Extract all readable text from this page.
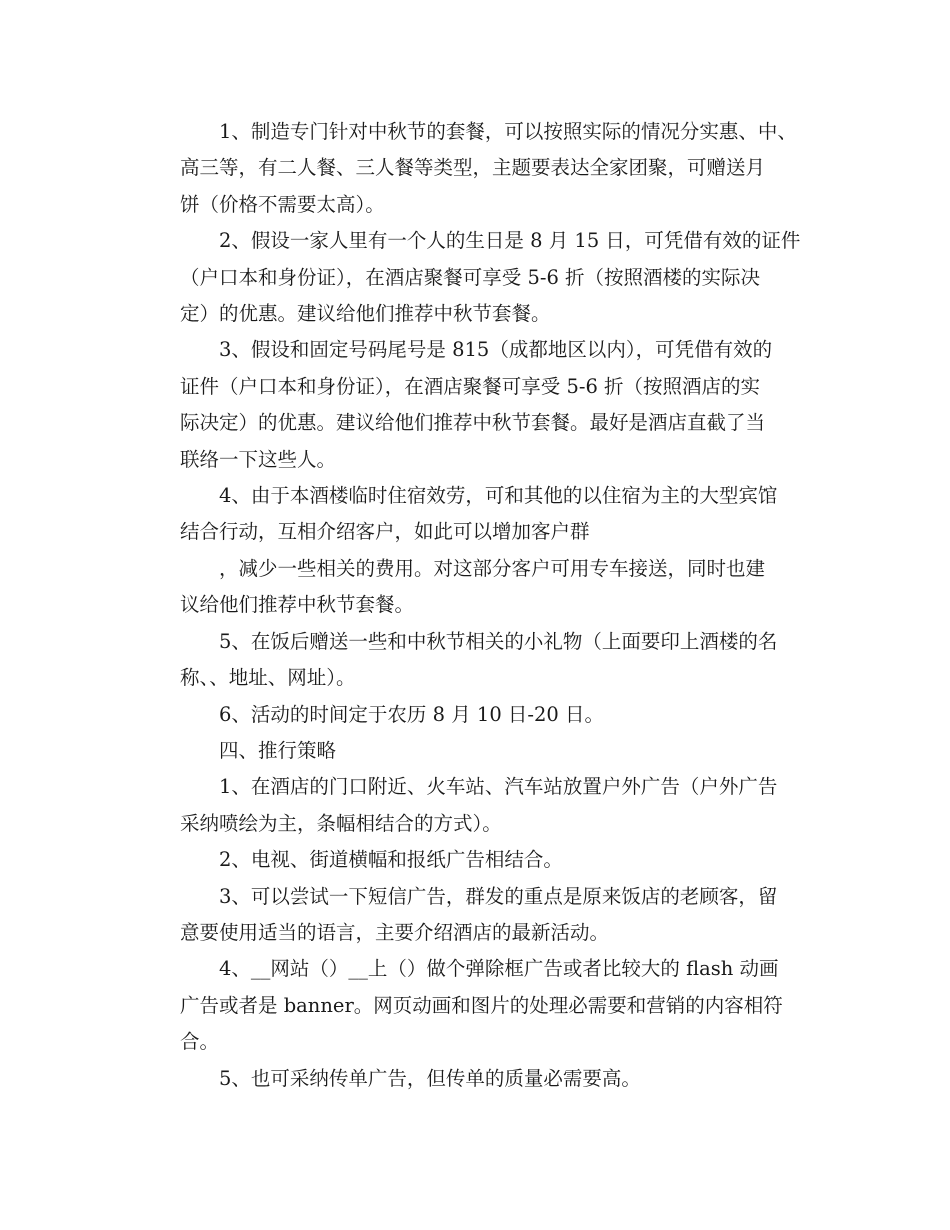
1、制造专门针对中秋节的套餐，可以按照实际的情况分实惠、中、
高三等，有二人餐、三人餐等类型，主题要表达全家团聚，可赠送月
饼（价格不需要太高）。
2、假设一家人里有一个人的生日是 8 月 15 日，可凭借有效的证件
（户口本和身份证），在酒店聚餐可享受 5-6 折（按照酒楼的实际决
定）的优惠。建议给他们推荐中秋节套餐。
3、假设和固定号码尾号是 815（成都地区以内），可凭借有效的
证件（户口本和身份证），在酒店聚餐可享受 5-6 折（按照酒店的实
际决定）的优惠。建议给他们推荐中秋节套餐。最好是酒店直截了当
联络一下这些人。
4、由于本酒楼临时住宿效劳，可和其他的以住宿为主的大型宾馆
结合行动，互相介绍客户，如此可以增加客户群
，减少一些相关的费用。对这部分客户可用专车接送，同时也建
议给他们推荐中秋节套餐。
5、在饭后赠送一些和中秋节相关的小礼物（上面要印上酒楼的名
称、、地址、网址）。
6、活动的时间定于农历 8 月 10 日-20 日。
四、推行策略
1、在酒店的门口附近、火车站、汽车站放置户外广告（户外广告
采纳喷绘为主，条幅相结合的方式）。
2、电视、街道横幅和报纸广告相结合。
3、可以尝试一下短信广告，群发的重点是原来饭店的老顾客，留
意要使用适当的语言，主要介绍酒店的最新活动。
4、__网站（）__上（）做个弹除框广告或者比较大的 flash 动画
广告或者是 banner。网页动画和图片的处理必需要和营销的内容相符
合。
5、也可采纳传单广告，但传单的质量必需要高。
